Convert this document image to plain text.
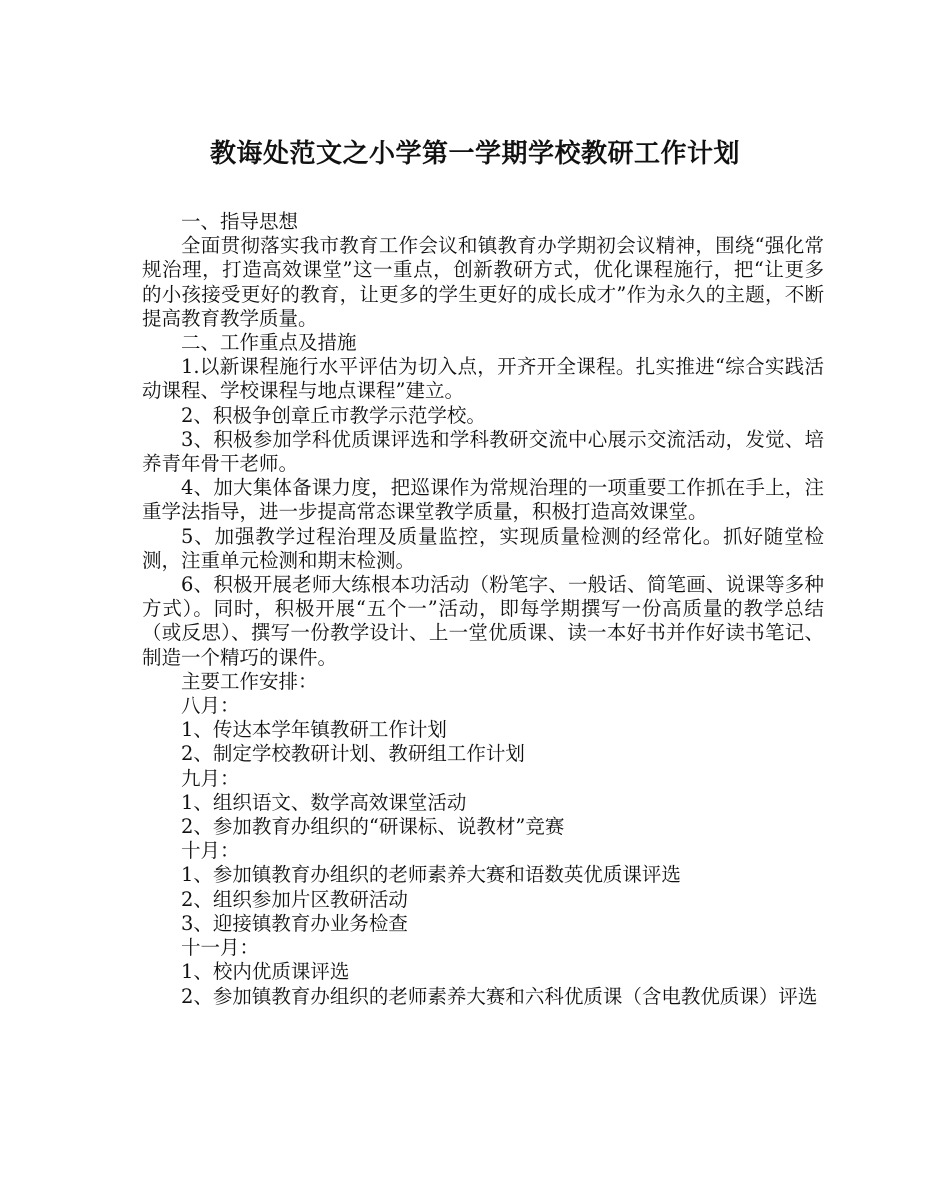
教诲处范文之小学第一学期学校教研工作计划

一、指导思想

全面贯彻落实我市教育工作会议和镇教育办学期初会议精神，围绕“强化常规治理，打造高效课堂”这一重点，创新教研方式，优化课程施行，把“让更多的小孩接受更好的教育，让更多的学生更好的成长成才”作为永久的主题，不断提高教育教学质量。

二、工作重点及措施

1.以新课程施行水平评估为切入点，开齐开全课程。扎实推进“综合实践活动课程、学校课程与地点课程”建立。

2、积极争创章丘市教学示范学校。

3、积极参加学科优质课评选和学科教研交流中心展示交流活动，发觉、培养青年骨干老师。

4、加大集体备课力度，把巡课作为常规治理的一项重要工作抓在手上，注重学法指导，进一步提高常态课堂教学质量，积极打造高效课堂。

5、加强教学过程治理及质量监控，实现质量检测的经常化。抓好随堂检测，注重单元检测和期末检测。

6、积极开展老师大练根本功活动（粉笔字、一般话、简笔画、说课等多种方式）。同时，积极开展“五个一”活动，即每学期撰写一份高质量的教学总结（或反思）、撰写一份教学设计、上一堂优质课、读一本好书并作好读书笔记、制造一个精巧的课件。

主要工作安排：

八月：

1、传达本学年镇教研工作计划

2、制定学校教研计划、教研组工作计划

九月：

1、组织语文、数学高效课堂活动

2、参加教育办组织的“研课标、说教材”竞赛

十月：

1、参加镇教育办组织的老师素养大赛和语数英优质课评选

2、组织参加片区教研活动

3、迎接镇教育办业务检查

十一月：

1、校内优质课评选

2、参加镇教育办组织的老师素养大赛和六科优质课（含电教优质课）评选
